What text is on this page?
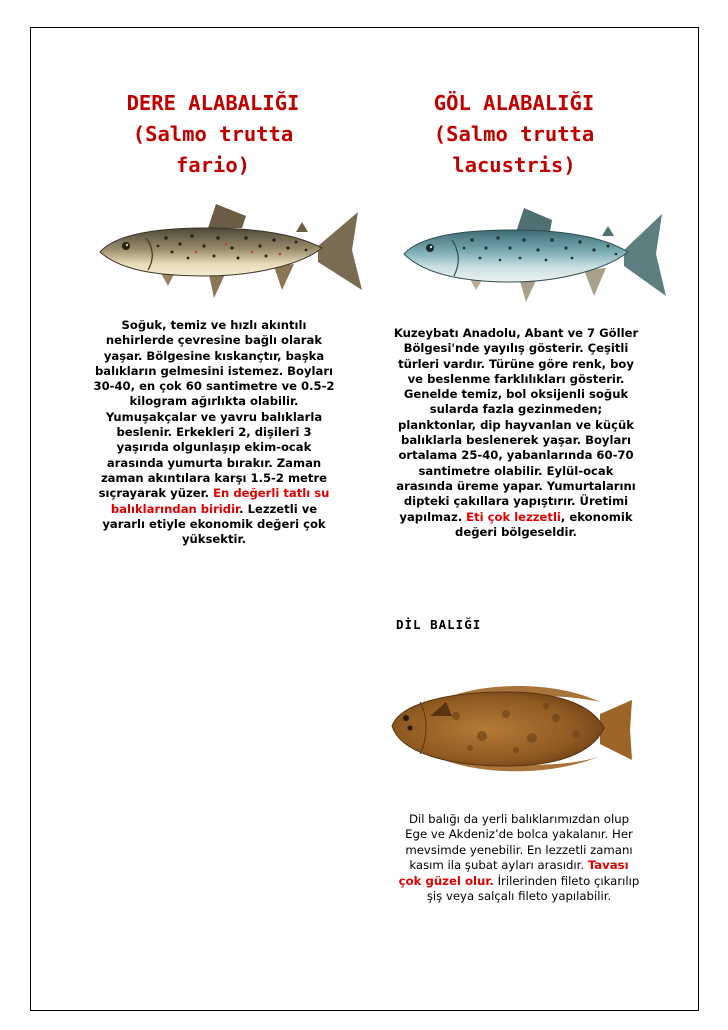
DERE ALABALIĞI
(Salmo trutta
fario)
GÖL ALABALIĞI
(Salmo trutta
lacustris)
Soğuk, temiz ve hızlı akıntılı
nehirlerde çevresine bağlı olarak
yaşar. Bölgesine kıskançtır, başka
balıkların gelmesini istemez. Boyları
30-40, en çok 60 santimetre ve 0.5-2
kilogram ağırlıkta olabilir.
Yumuşakçalar ve yavru balıklarla
beslenir. Erkekleri 2, dişileri 3
yaşırıda olgunlaşıp ekim-ocak
arasında yumurta bırakır. Zaman
zaman akıntılara karşı 1.5-2 metre
sıçrayarak yüzer. En değerli tatlı su
balıklarından biridir. Lezzetli ve
yararlı etiyle ekonomik değeri çok
yüksektir.
Kuzeybatı Anadolu, Abant ve 7 Göller
Bölgesi'nde yayılış gösterir. Çeşitli
türleri vardır. Türüne göre renk, boy
ve beslenme farklılıkları gösterir.
Genelde temiz, bol oksijenli soğuk
sularda fazla gezinmeden;
planktonlar, dip hayvanlan ve küçük
balıklarla beslenerek yaşar. Boyları
ortalama 25-40, yabanlarında 60-70
santimetre olabilir. Eylül-ocak
arasında üreme yapar. Yumurtalarını
dipteki çakıllara yapıştırır. Üretimi
yapılmaz. Eti çok lezzetli, ekonomik
değeri bölgeseldir.
DİL BALIĞI
Dil balığı da yerli balıklarımızdan olup
Ege ve Akdeniz’de bolca yakalanır. Her
mevsimde yenebilir. En lezzetli zamanı
kasım ila şubat ayları arasıdır. Tavası
çok güzel olur. İrilerinden fileto çıkarılıp
şiş veya salçalı fileto yapılabilir.
